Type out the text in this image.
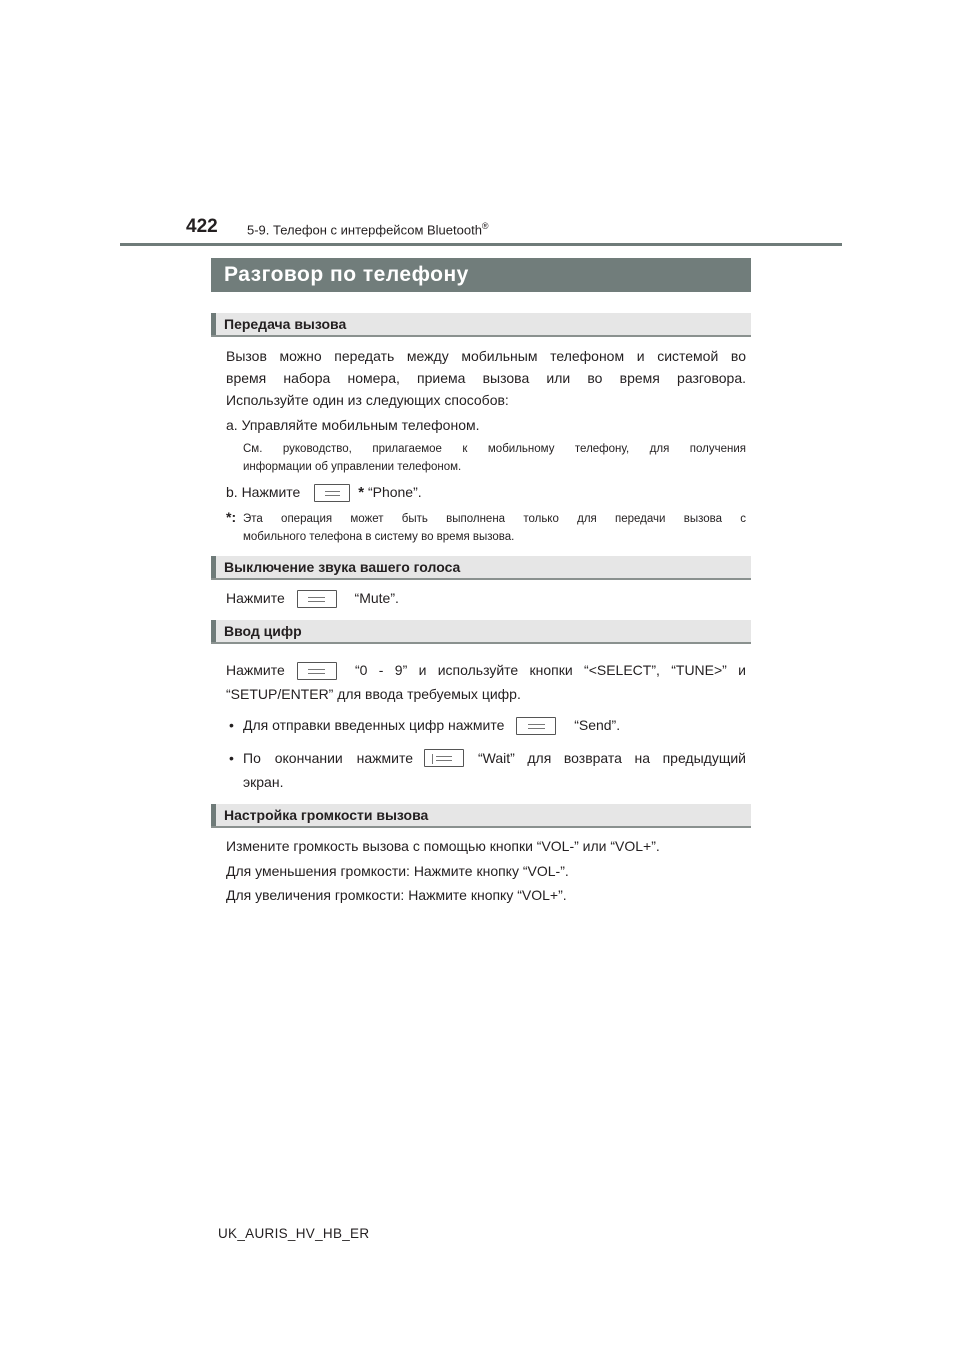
422 5-9. Телефон с интерфейсом Bluetooth®
Разговор по телефону
Передача вызова
Вызов можно передать между мобильным телефоном и системой во
время набора номера, приема вызова или во время разговора.
Используйте один из следующих способов:
a. Управляйте мобильным телефоном.
См. руководство, прилагаемое к мобильному телефону, для получения
информации об управлении телефоном.
b. Нажмите	* “Phone”.
*: Эта операция может быть выполнена только для передачи вызова с
мобильного телефона в систему во время вызова.
Выключение звука вашего голоса
Нажмите	“Mute”.
Ввод цифр
Нажмите	“0 - 9” и используйте кнопки “<SELECT”, “TUNE>” и
“SETUP/ENTER” для ввода требуемых цифр.
• Для отправки введенных цифр нажмите	“Send”.
• По окончании нажмите	“Wait” для возврата на предыдущий
экран.
Настройка громкости вызова
Измените громкость вызова с помощью кнопки “VOL-” или “VOL+”.
Для уменьшения громкости: Нажмите кнопку “VOL-”.
Для увеличения громкости: Нажмите кнопку “VOL+”.
UK_AURIS_HV_HB_ER
